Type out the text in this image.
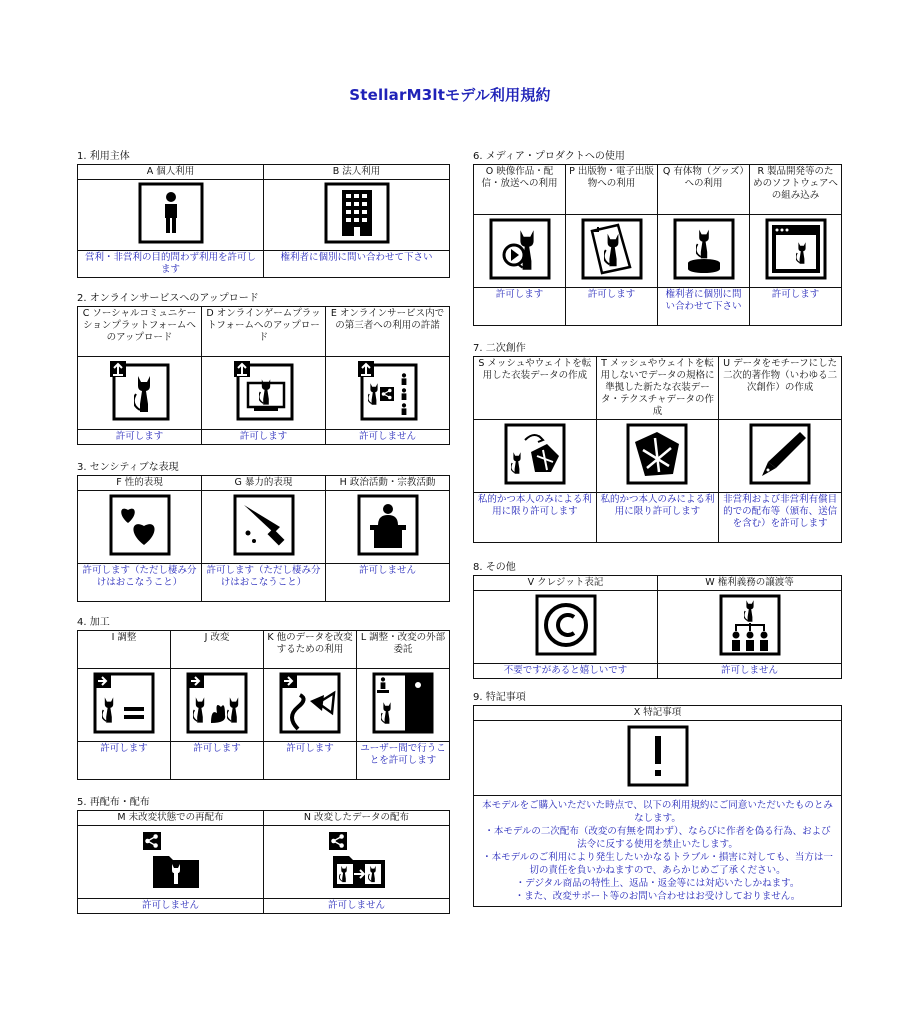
StellarM3ltモデル利用規約
1. 利用主体
A 個人利用	B 法人利用

営利・非営利の目的問わず利用を許可します	権利者に個別に問い合わせて下さい
2. オンラインサービスへのアップロード
C ソーシャルコミュニケーションプラットフォームへのアップロード	D オンラインゲームプラットフォームへのアップロード	E オンラインサービス内での第三者への利用の許諾

許可します	許可します	許可しません
3. センシティブな表現
F 性的表現	G 暴力的表現	H 政治活動・宗教活動

許可します（ただし棲み分けはおこなうこと）	許可します（ただし棲み分けはおこなうこと）	許可しません
4. 加工
I 調整	J 改変	K 他のデータを改変するための利用	L 調整・改変の外部委託

許可します	許可します	許可します	ユーザー間で行うことを許可します
5. 再配布・配布
M 未改変状態での再配布	N 改変したデータの配布

許可しません	許可しません
6. メディア・プロダクトへの使用
O 映像作品・配信・放送への利用	P 出版物・電子出版物への利用	Q 有体物（グッズ）への利用	R 製品開発等のためのソフトウェアへの組み込み

許可します	許可します	権利者に個別に問い合わせて下さい	許可します
7. 二次創作
S メッシュやウェイトを転用した衣装データの作成	T メッシュやウェイトを転用しないでデータの規格に準拠した新たな衣装データ・テクスチャデータの作成	U データをモチーフにした二次的著作物（いわゆる二次創作）の作成

私的かつ本人のみによる利用に限り許可します	私的かつ本人のみによる利用に限り許可します	非営利および非営利有償目的での配布等（頒布、送信を含む）を許可します
8. その他
V クレジット表記	W 権利義務の譲渡等

不要ですがあると嬉しいです	許可しません
9. 特記事項
X 特記事項

本モデルをご購入いただいた時点で、以下の利用規約にご同意いただいたものとみなします。
・本モデルの二次配布（改変の有無を問わず）、ならびに作者を偽る行為、および法令に反する使用を禁止いたします。
・本モデルのご利用により発生したいかなるトラブル・損害に対しても、当方は一切の責任を負いかねますので、あらかじめご了承ください。
・デジタル商品の特性上、返品・返金等には対応いたしかねます。
・また、改変サポート等のお問い合わせはお受けしておりません。
